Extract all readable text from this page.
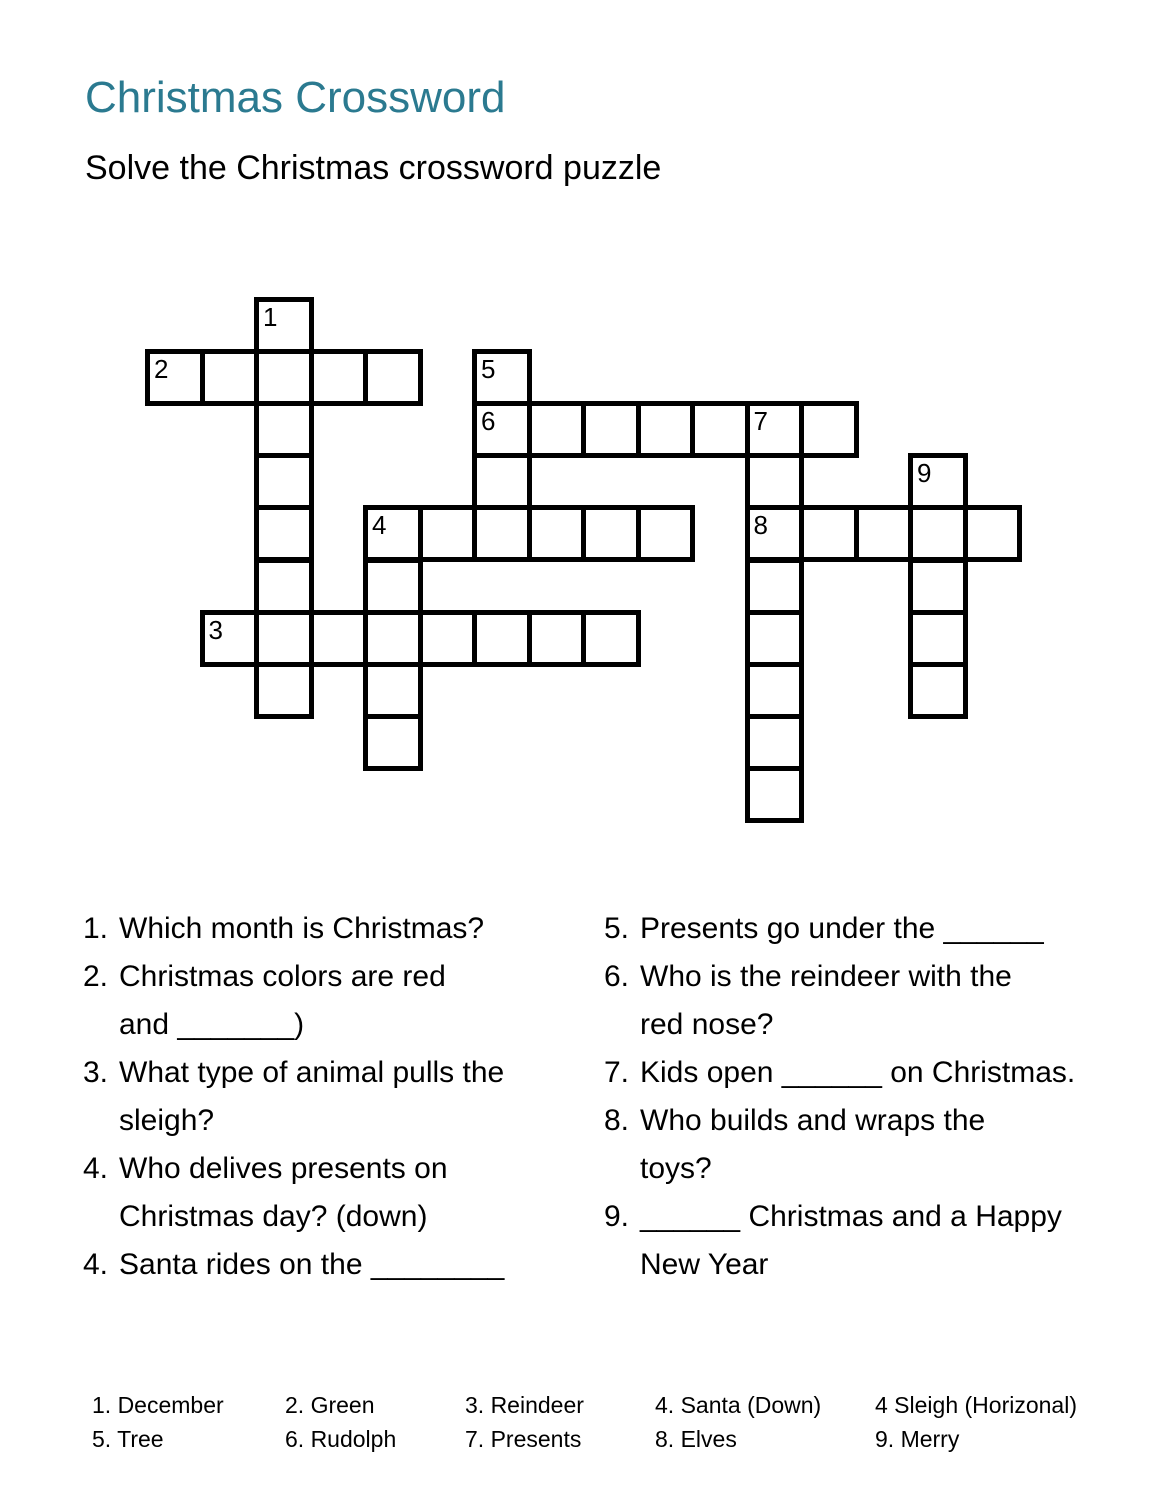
Christmas Crossword
Solve the Christmas crossword puzzle
1
2
3
4
5
6	7
8
9
1. Which month is Christmas?
2. Christmas colors are red
and _______)
3. What type of animal pulls the
sleigh?
4. Who delives presents on
Christmas day? (down)
4. Santa rides on the ________
5. Presents go under the ______
6. Who is the reindeer with the
red nose?
7. Kids open ______ on Christmas.
8. Who builds and wraps the
toys?
9. ______ Christmas and a Happy
New Year
1. December	2. Green	3. Reindeer	4. Santa (Down)	4 Sleigh (Horizonal)
5. Tree	6. Rudolph	7. Presents	8. Elves	9. Merry
